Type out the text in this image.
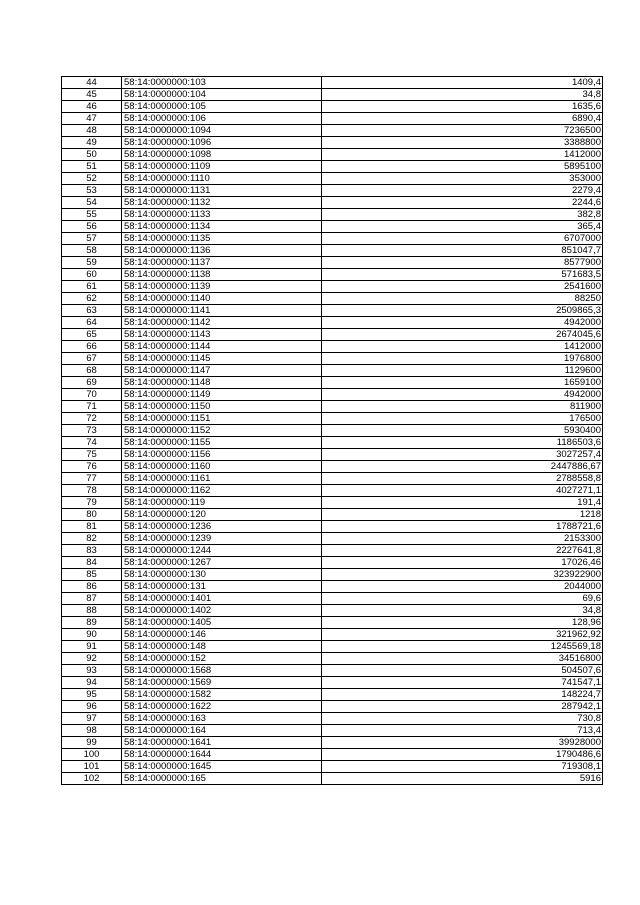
44	58:14:0000000:103	1409,4
45	58:14:0000000:104	34,8
46	58:14:0000000:105	1635,6
47	58:14:0000000:106	6890,4
48	58:14:0000000:1094	7236500
49	58:14:0000000:1096	3388800
50	58:14:0000000:1098	1412000
51	58:14:0000000:1109	5895100
52	58:14:0000000:1110	353000
53	58:14:0000000:1131	2279,4
54	58:14:0000000:1132	2244,6
55	58:14:0000000:1133	382,8
56	58:14:0000000:1134	365,4
57	58:14:0000000:1135	6707000
58	58:14:0000000:1136	851047,7
59	58:14:0000000:1137	8577900
60	58:14:0000000:1138	571683,5
61	58:14:0000000:1139	2541600
62	58:14:0000000:1140	88250
63	58:14:0000000:1141	2509865,3
64	58:14:0000000:1142	4942000
65	58:14:0000000:1143	2674045,6
66	58:14:0000000:1144	1412000
67	58:14:0000000:1145	1976800
68	58:14:0000000:1147	1129600
69	58:14:0000000:1148	1659100
70	58:14:0000000:1149	4942000
71	58:14:0000000:1150	811900
72	58:14:0000000:1151	176500
73	58:14:0000000:1152	5930400
74	58:14:0000000:1155	1186503,6
75	58:14:0000000:1156	3027257,4
76	58:14:0000000:1160	2447886,67
77	58:14:0000000:1161	2788558,8
78	58:14:0000000:1162	4027271,1
79	58:14:0000000:119	191,4
80	58:14:0000000:120	1218
81	58:14:0000000:1236	1788721,6
82	58:14:0000000:1239	2153300
83	58:14:0000000:1244	2227641,8
84	58:14:0000000:1267	17026,46
85	58:14:0000000:130	323922900
86	58:14:0000000:131	2044000
87	58:14:0000000:1401	69,6
88	58:14:0000000:1402	34,8
89	58:14:0000000:1405	128,96
90	58:14:0000000:146	321962,92
91	58:14:0000000:148	1245569,18
92	58:14:0000000:152	34516800
93	58:14:0000000:1568	504507,6
94	58:14:0000000:1569	741547,1
95	58:14:0000000:1582	148224,7
96	58:14:0000000:1622	287942,1
97	58:14:0000000:163	730,8
98	58:14:0000000:164	713,4
99	58:14:0000000:1641	39928000
100	58:14:0000000:1644	1790486,6
101	58:14:0000000:1645	719308,1
102	58:14:0000000:165	5916
